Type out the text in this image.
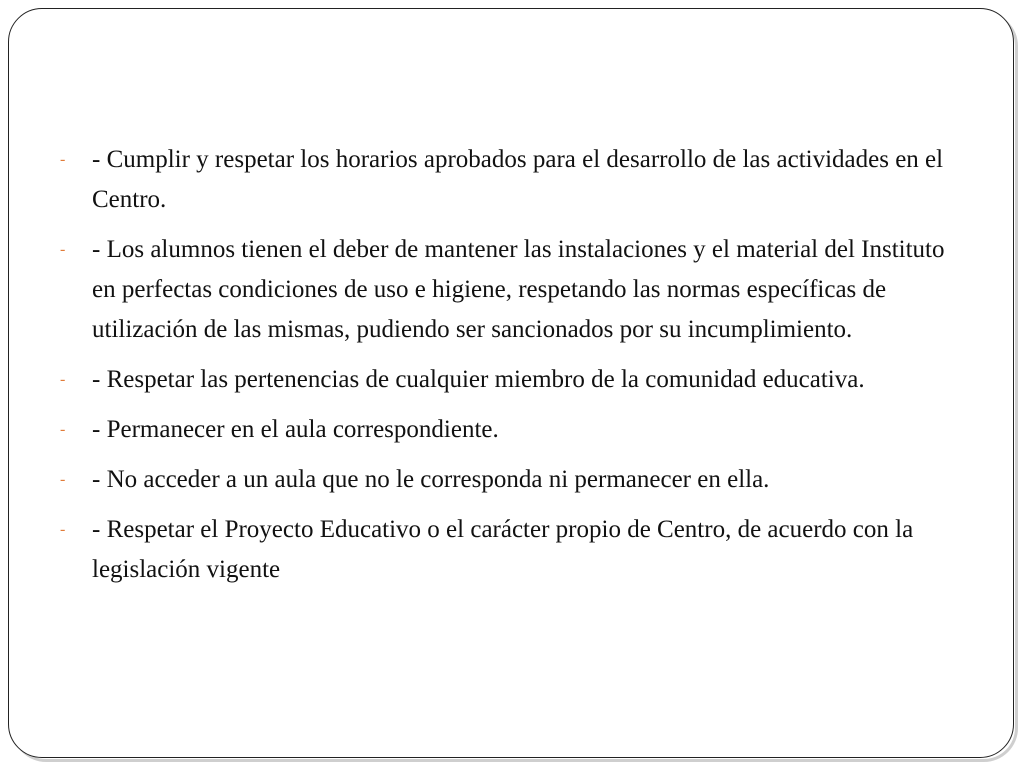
-	- Cumplir y respetar los horarios aprobados para el desarrollo de las actividades en el Centro.
-	- Los alumnos tienen el deber de mantener las instalaciones y el material del Instituto en perfectas condiciones de uso e higiene, respetando las normas específicas de utilización de las mismas, pudiendo ser sancionados por su incumplimiento.
-	- Respetar las pertenencias de cualquier miembro de la comunidad educativa.
-	- Permanecer en el aula correspondiente.
-	- No acceder a un aula que no le corresponda ni permanecer en ella.
-	- Respetar el Proyecto Educativo o el carácter propio de Centro, de acuerdo con la legislación vigente
